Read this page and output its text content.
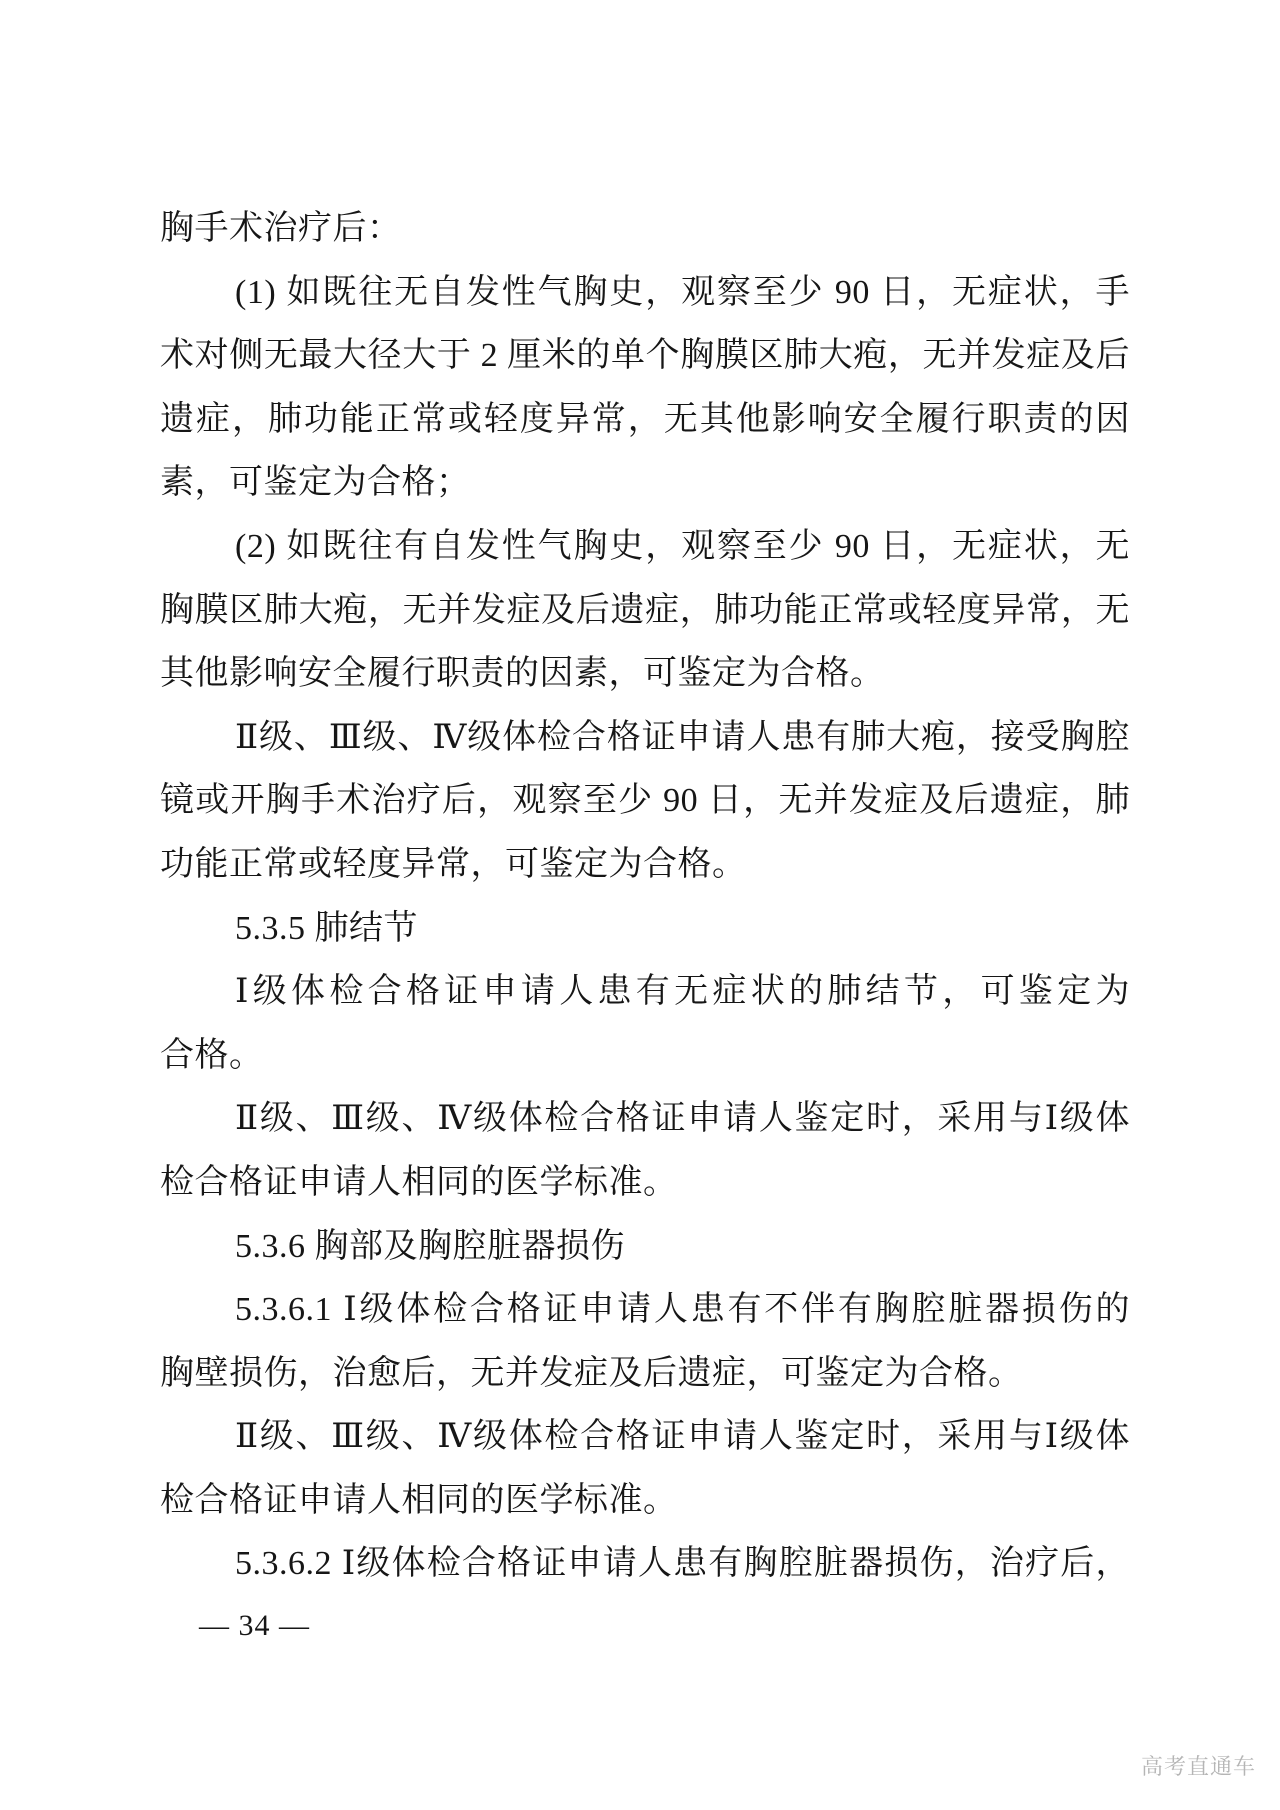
胸手术治疗后：
(1) 如既往无自发性气胸史，观察至少 90 日，无症状，手
术对侧无最大径大于 2 厘米的单个胸膜区肺大疱，无并发症及后
遗症，肺功能正常或轻度异常，无其他影响安全履行职责的因
素，可鉴定为合格；
(2) 如既往有自发性气胸史，观察至少 90 日，无症状，无
胸膜区肺大疱，无并发症及后遗症，肺功能正常或轻度异常，无
其他影响安全履行职责的因素，可鉴定为合格。
Ⅱ级、Ⅲ级、Ⅳ级体检合格证申请人患有肺大疱，接受胸腔
镜或开胸手术治疗后，观察至少 90 日，无并发症及后遗症，肺
功能正常或轻度异常，可鉴定为合格。
5.3.5 肺结节
Ⅰ级体检合格证申请人患有无症状的肺结节，可鉴定为
合格。
Ⅱ级、Ⅲ级、Ⅳ级体检合格证申请人鉴定时，采用与Ⅰ级体
检合格证申请人相同的医学标准。
5.3.6 胸部及胸腔脏器损伤
5.3.6.1 Ⅰ级体检合格证申请人患有不伴有胸腔脏器损伤的
胸壁损伤，治愈后，无并发症及后遗症，可鉴定为合格。
Ⅱ级、Ⅲ级、Ⅳ级体检合格证申请人鉴定时，采用与Ⅰ级体
检合格证申请人相同的医学标准。
5.3.6.2 Ⅰ级体检合格证申请人患有胸腔脏器损伤，治疗后，
— 34 —
高考直通车
